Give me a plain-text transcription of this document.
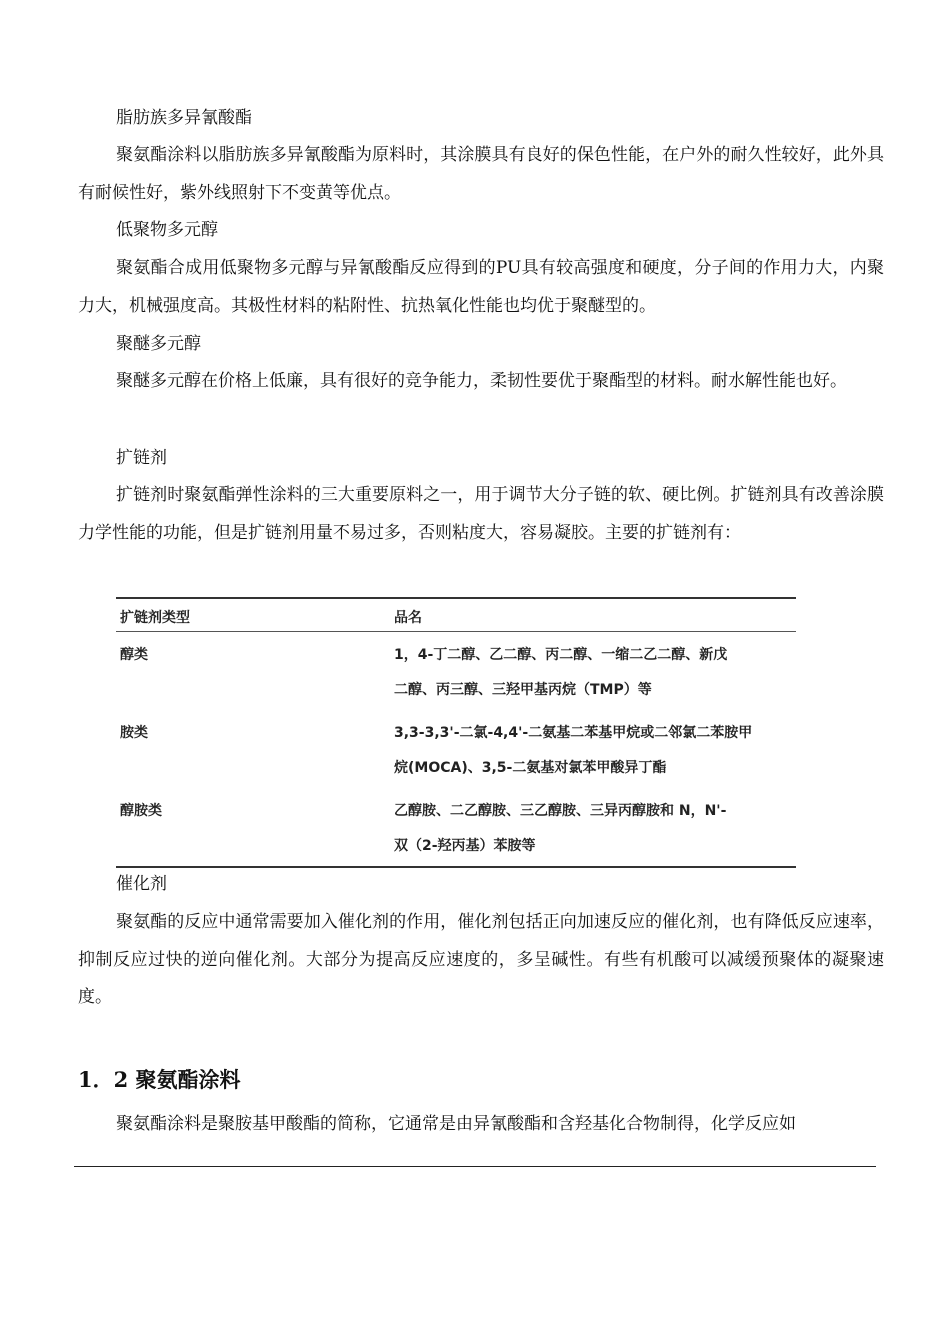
脂肪族多异氰酸酯

聚氨酯涂料以脂肪族多异氰酸酯为原料时，其涂膜具有良好的保色性能，在户外的耐久性较好，此外具有耐候性好，紫外线照射下不变黄等优点。

低聚物多元醇

聚氨酯合成用低聚物多元醇与异氰酸酯反应得到的PU具有较高强度和硬度，分子间的作用力大，内聚力大，机械强度高。其极性材料的粘附性、抗热氧化性能也均优于聚醚型的。

聚醚多元醇

聚醚多元醇在价格上低廉，具有很好的竞争能力，柔韧性要优于聚酯型的材料。耐水解性能也好。

扩链剂

扩链剂时聚氨酯弹性涂料的三大重要原料之一，用于调节大分子链的软、硬比例。扩链剂具有改善涂膜力学性能的功能，但是扩链剂用量不易过多，否则粘度大，容易凝胶。主要的扩链剂有：

扩链剂类型	品名
醇类	1，4-丁二醇、乙二醇、丙二醇、一缩二乙二醇、新戊
二醇、丙三醇、三羟甲基丙烷（TMP）等

胺类	3,3-3,3'-二氯-4,4'-二氨基二苯基甲烷或二邻氯二苯胺甲
烷(MOCA)、3,5-二氨基对氯苯甲酸异丁酯

醇胺类	乙醇胺、二乙醇胺、三乙醇胺、三异丙醇胺和 N，N'-
双（2-羟丙基）苯胺等

催化剂

聚氨酯的反应中通常需要加入催化剂的作用，催化剂包括正向加速反应的催化剂，也有降低反应速率，抑制反应过快的逆向催化剂。大部分为提高反应速度的，多呈碱性。有些有机酸可以减缓预聚体的凝聚速度。

1．2 聚氨酯涂料

聚氨酯涂料是聚胺基甲酸酯的简称，它通常是由异氰酸酯和含羟基化合物制得，化学反应如
